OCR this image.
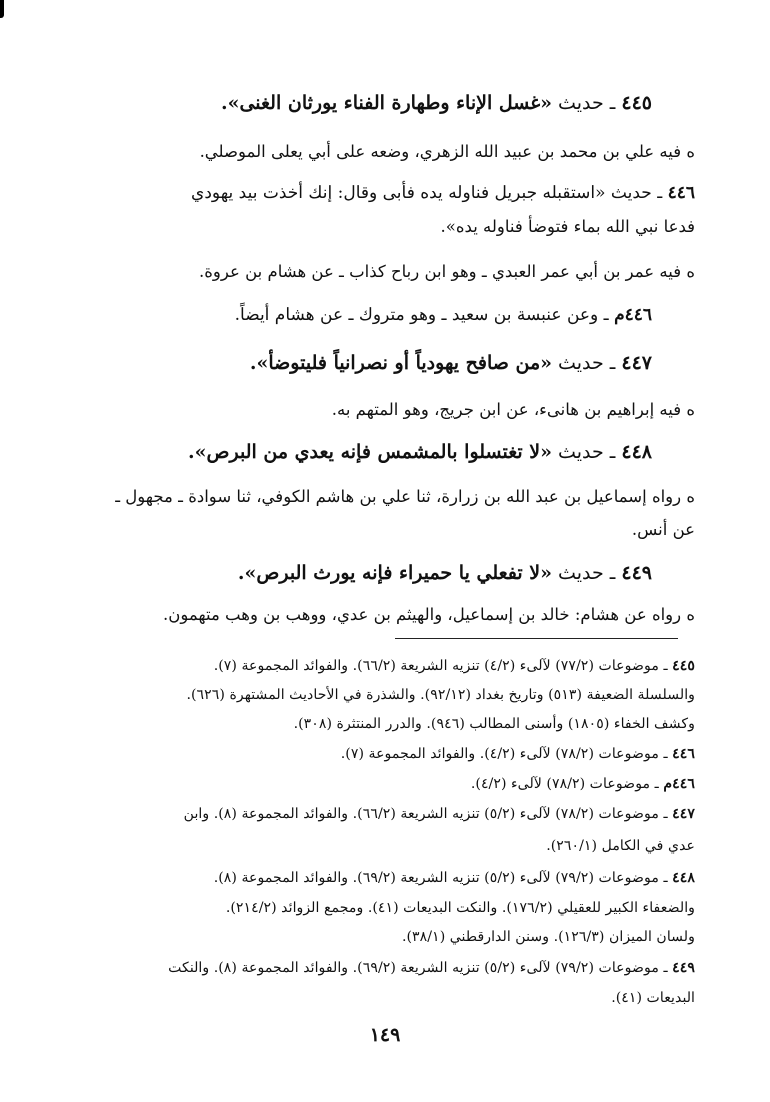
٤٤٥ ـ حديث «غسل الإناء وطهارة الفناء يورثان الغنى».
ه فيه علي بن محمد بن عبيد الله الزهري، وضعه على أبي يعلى الموصلي.
٤٤٦ ـ حديث «استقبله جبريل فناوله يده فأبى وقال: إنك أخذت بيد يهودي
فدعا نبي الله بماء فتوضأ فناوله يده».
ه فيه عمر بن أبي عمر العبدي ـ وهو ابن رباح كذاب ـ عن هشام بن عروة.
٤٤٦م ـ وعن عنبسة بن سعيد ـ وهو متروك ـ عن هشام أيضاً.
٤٤٧ ـ حديث «من صافح يهودياً أو نصرانياً فليتوضأ».
ه فيه إبراهيم بن هانىء، عن ابن جريج، وهو المتهم به.
٤٤٨ ـ حديث «لا تغتسلوا بالمشمس فإنه يعدي من البرص».
ه رواه إسماعيل بن عبد الله بن زرارة، ثنا علي بن هاشم الكوفي، ثنا سوادة ـ مجهول ـ
عن أنس.
٤٤٩ ـ حديث «لا تفعلي يا حميراء فإنه يورث البرص».
ه رواه عن هشام: خالد بن إسماعيل، والهيثم بن عدي، ووهب بن وهب متهمون.
٤٤٥ ـ موضوعات (٧٧/٢) لآلىء (٤/٢) تنزيه الشريعة (٦٦/٢). والفوائد المجموعة (٧).
والسلسلة الضعيفة (٥١٣) وتاريخ بغداد (٩٢/١٢). والشذرة في الأحاديث المشتهرة (٦٢٦).
وكشف الخفاء (١٨٠٥) وأسنى المطالب (٩٤٦). والدرر المنتثرة (٣٠٨).
٤٤٦ ـ موضوعات (٧٨/٢) لآلىء (٤/٢). والفوائد المجموعة (٧).
٤٤٦م ـ موضوعات (٧٨/٢) لآلىء (٤/٢).
٤٤٧ ـ موضوعات (٧٨/٢) لآلىء (٥/٢) تنزيه الشريعة (٦٦/٢). والفوائد المجموعة (٨). وابن
عدي في الكامل (٢٦٠/١).
٤٤٨ ـ موضوعات (٧٩/٢) لآلىء (٥/٢) تنزيه الشريعة (٦٩/٢). والفوائد المجموعة (٨).
والضعفاء الكبير للعقيلي (١٧٦/٢). والنكت البديعات (٤١). ومجمع الزوائد (٢١٤/٢).
ولسان الميزان (١٢٦/٣). وسنن الدارقطني (٣٨/١).
٤٤٩ ـ موضوعات (٧٩/٢) لآلىء (٥/٢) تنزيه الشريعة (٦٩/٢). والفوائد المجموعة (٨). والنكت
البديعات (٤١).
١٤٩
